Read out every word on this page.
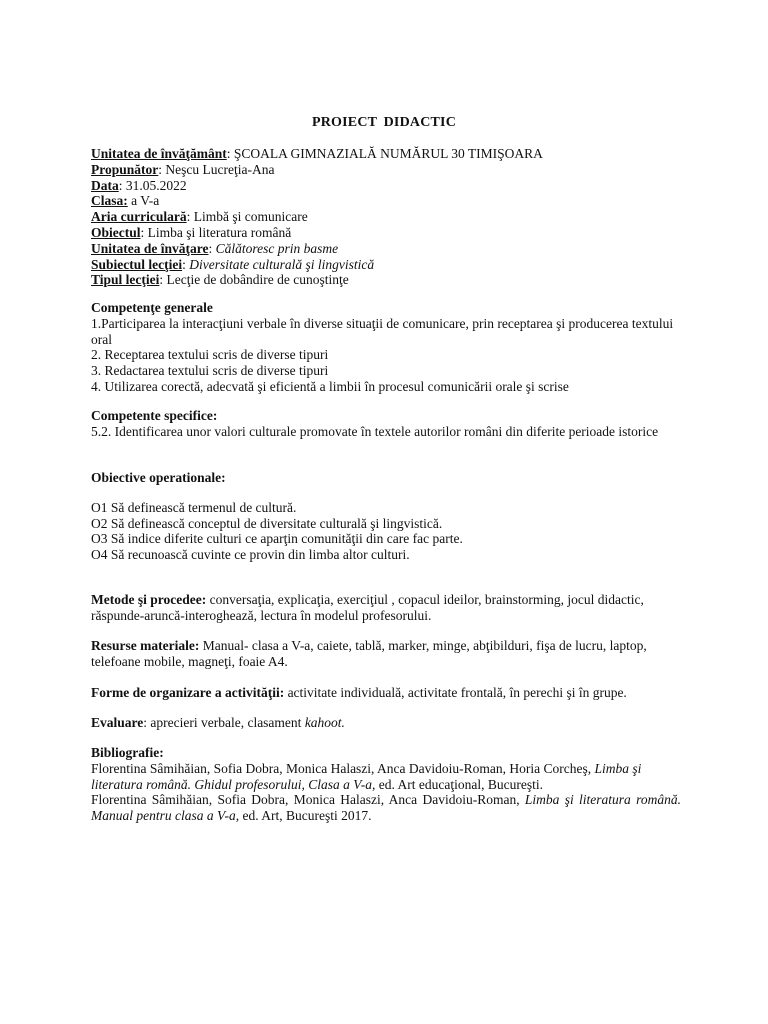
PROIECT DIDACTIC
Unitatea de învăţământ: ŞCOALA GIMNAZIALĂ NUMĂRUL 30 TIMIŞOARA
Propunător: Neşcu Lucreţia-Ana
Data: 31.05.2022
Clasa: a V-a
Aria curriculară: Limbă şi comunicare
Obiectul: Limba şi literatura română
Unitatea de învăţare: Călătoresc prin basme
Subiectul lecţiei: Diversitate culturală şi lingvistică
Tipul lecţiei: Lecţie de dobândire de cunoştinţe
Competenţe generale
1.Participarea la interacţiuni verbale în diverse situaţii de comunicare, prin receptarea şi producerea textului oral
2. Receptarea textului scris de diverse tipuri
3. Redactarea textului scris de diverse tipuri
4. Utilizarea corectă, adecvată şi eficientă a limbii în procesul comunicării orale şi scrise
Competente specifice:
5.2. Identificarea unor valori culturale promovate în textele autorilor români din diferite perioade istorice
Obiective operationale:
O1 Să definească termenul de cultură.
O2 Să definească conceptul de diversitate culturală şi lingvistică.
O3 Să indice diferite culturi ce aparţin comunităţii din care fac parte.
O4 Să recunoască cuvinte ce provin din limba altor culturi.
Metode şi procedee: conversaţia, explicaţia, exerciţiul , copacul ideilor, brainstorming, jocul didactic, răspunde-aruncă-interoghează, lectura în modelul profesorului.
Resurse materiale: Manual- clasa a V-a, caiete, tablă, marker, minge, abţibilduri, fişa de lucru, laptop, telefoane mobile, magneţi, foaie A4.
Forme de organizare a activităţii: activitate individuală, activitate frontală, în perechi şi în grupe.
Evaluare: aprecieri verbale, clasament kahoot.
Bibliografie:
Florentina Sâmihăian, Sofia Dobra, Monica Halaszi, Anca Davidoiu-Roman, Horia Corcheş, Limba şi literatura română. Ghidul profesorului, Clasa a V-a, ed. Art educaţional, Bucureşti.
Florentina Sâmihăian, Sofia Dobra, Monica Halaszi, Anca Davidoiu-Roman, Limba şi literatura română. Manual pentru clasa a V-a, ed. Art, Bucureşti 2017.
